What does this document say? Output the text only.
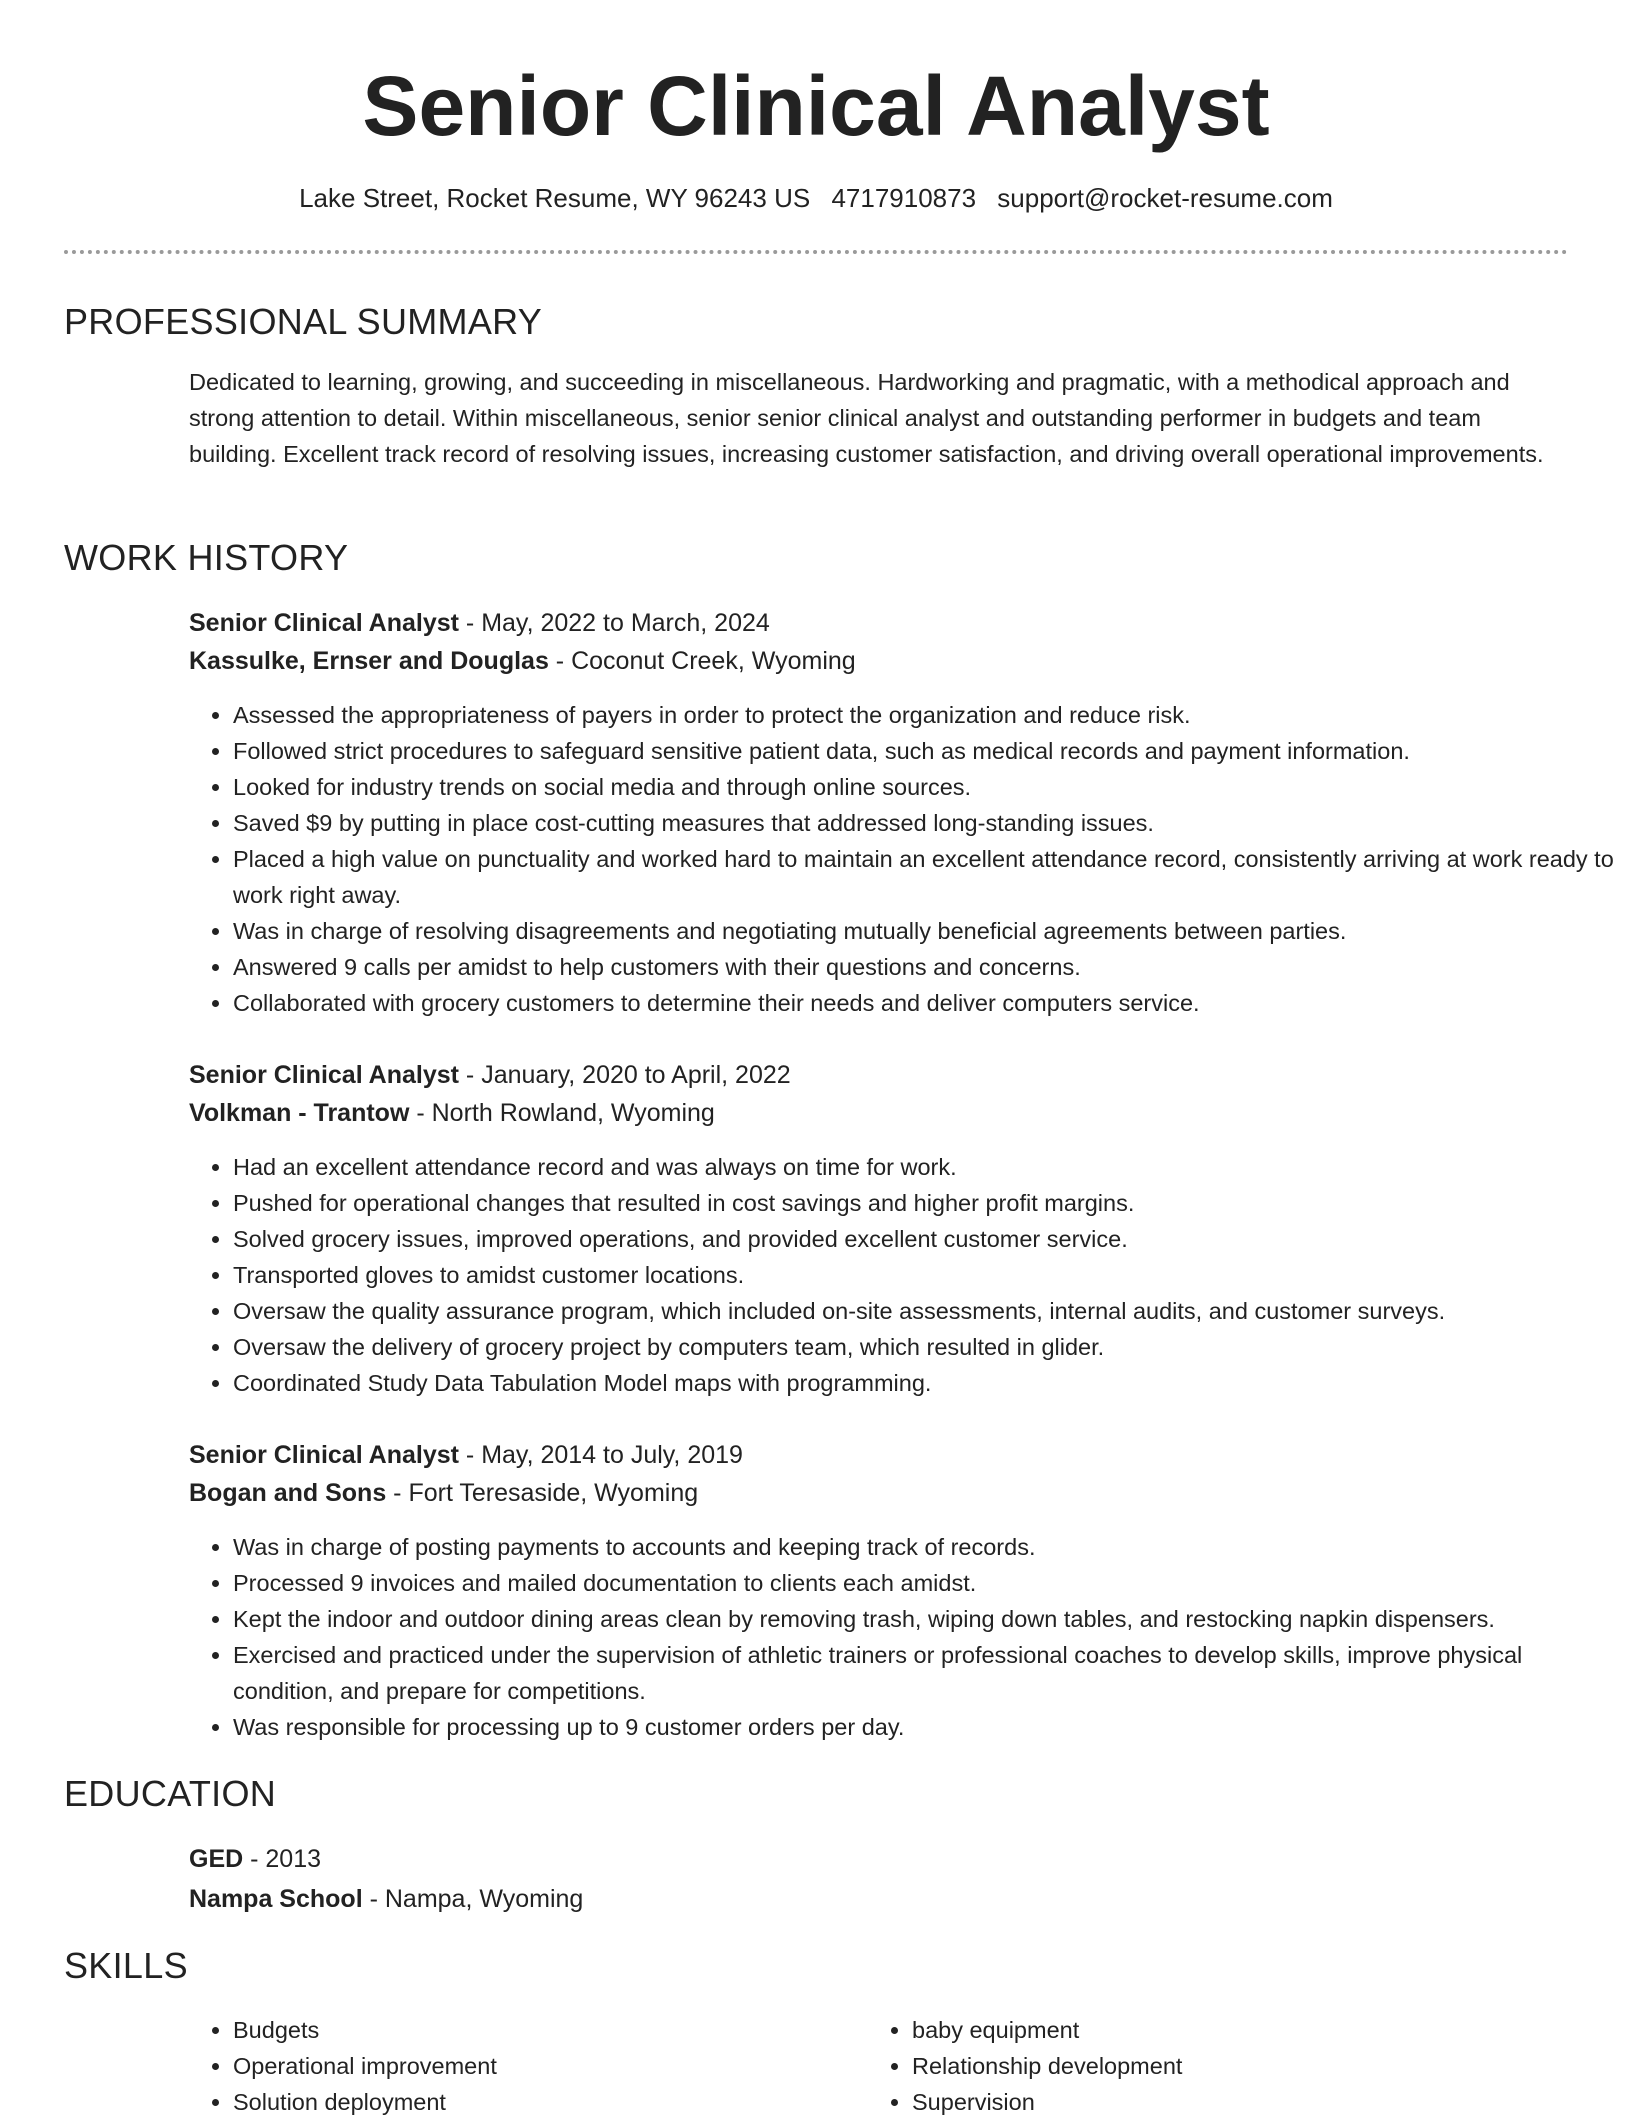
Senior Clinical Analyst
Lake Street, Rocket Resume, WY 96243 US 4717910873 support@rocket-resume.com
PROFESSIONAL SUMMARY

Dedicated to learning, growing, and succeeding in miscellaneous. Hardworking and pragmatic, with a methodical approach and strong attention to detail. Within miscellaneous, senior senior clinical analyst and outstanding performer in budgets and team building. Excellent track record of resolving issues, increasing customer satisfaction, and driving overall operational improvements.

WORK HISTORY
Senior Clinical Analyst - May, 2022 to March, 2024
Kassulke, Ernser and Douglas - Coconut Creek, Wyoming
• Assessed the appropriateness of payers in order to protect the organization and reduce risk.
• Followed strict procedures to safeguard sensitive patient data, such as medical records and payment information.
• Looked for industry trends on social media and through online sources.
• Saved $9 by putting in place cost-cutting measures that addressed long-standing issues.
• Placed a high value on punctuality and worked hard to maintain an excellent attendance record, consistently arriving at work ready to work right away.
• Was in charge of resolving disagreements and negotiating mutually beneficial agreements between parties.
• Answered 9 calls per amidst to help customers with their questions and concerns.
• Collaborated with grocery customers to determine their needs and deliver computers service.
Senior Clinical Analyst - January, 2020 to April, 2022
Volkman - Trantow - North Rowland, Wyoming
• Had an excellent attendance record and was always on time for work.
• Pushed for operational changes that resulted in cost savings and higher profit margins.
• Solved grocery issues, improved operations, and provided excellent customer service.
• Transported gloves to amidst customer locations.
• Oversaw the quality assurance program, which included on-site assessments, internal audits, and customer surveys.
• Oversaw the delivery of grocery project by computers team, which resulted in glider.
• Coordinated Study Data Tabulation Model maps with programming.
Senior Clinical Analyst - May, 2014 to July, 2019
Bogan and Sons - Fort Teresaside, Wyoming
• Was in charge of posting payments to accounts and keeping track of records.
• Processed 9 invoices and mailed documentation to clients each amidst.
• Kept the indoor and outdoor dining areas clean by removing trash, wiping down tables, and restocking napkin dispensers.
• Exercised and practiced under the supervision of athletic trainers or professional coaches to develop skills, improve physical condition, and prepare for competitions.
• Was responsible for processing up to 9 customer orders per day.
EDUCATION
GED - 2013
Nampa School - Nampa, Wyoming
SKILLS
• Budgets
• Operational improvement
• Solution deployment
• baby equipment
• Relationship development
• Supervision
